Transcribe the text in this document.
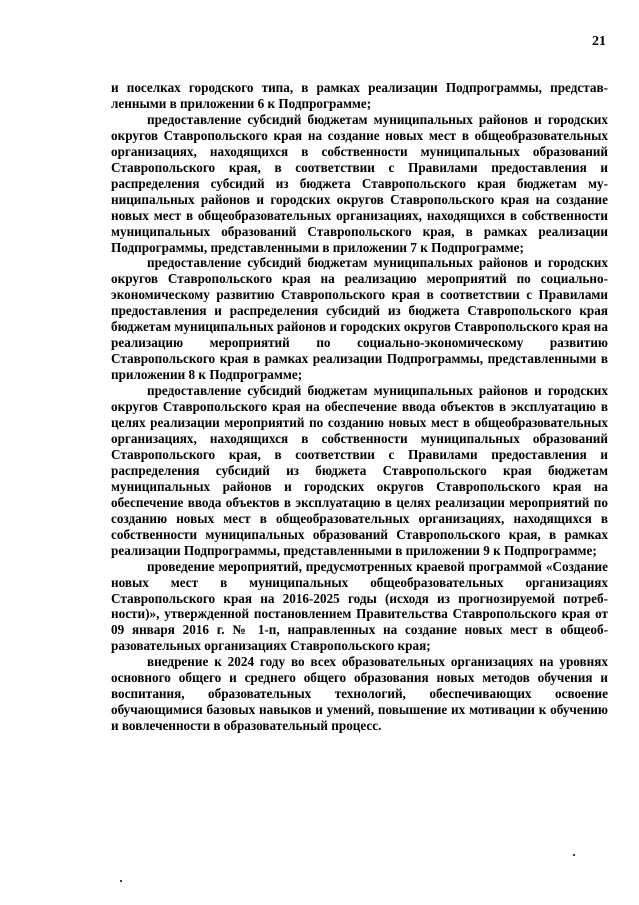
21

и поселках городского типа, в рамках реализации Подпрограммы, представленными в приложении 6 к Подпрограмме;

предоставление субсидий бюджетам муниципальных районов и городских округов Ставропольского края на создание новых мест в общеобразовательных организациях, находящихся в собственности муниципальных образований Ставропольского края, в соответствии с Правилами предоставления и распределения субсидий из бюджета Ставропольского края бюджетам муниципальных районов и городских округов Ставропольского края на создание новых мест в общеобразовательных организациях, находящихся в собственности муниципальных образований Ставропольского края, в рамках реализации Подпрограммы, представленными в приложении 7 к Подпрограмме;

предоставление субсидий бюджетам муниципальных районов и городских округов Ставропольского края на реализацию мероприятий по социально-экономическому развитию Ставропольского края в соответствии с Правилами предоставления и распределения субсидий из бюджета Ставропольского края бюджетам муниципальных районов и городских округов Ставропольского края на реализацию мероприятий по социально-экономическому развитию Ставропольского края в рамках реализации Подпрограммы, представленными в приложении 8 к Подпрограмме;

предоставление субсидий бюджетам муниципальных районов и городских округов Ставропольского края на обеспечение ввода объектов в эксплуатацию в целях реализации мероприятий по созданию новых мест в общеобразовательных организациях, находящихся в собственности муниципальных образований Ставропольского края, в соответствии с Правилами предоставления и распределения субсидий из бюджета Ставропольского края бюджетам муниципальных районов и городских округов Ставропольского края на обеспечение ввода объектов в эксплуатацию в целях реализации мероприятий по созданию новых мест в общеобразовательных организациях, находящихся в собственности муниципальных образований Ставропольского края, в рамках реализации Подпрограммы, представленными в приложении 9 к Подпрограмме;

проведение мероприятий, предусмотренных краевой программой «Создание новых мест в муниципальных общеобразовательных организациях Ставропольского края на 2016-2025 годы (исходя из прогнозируемой потребности)», утвержденной постановлением Правительства Ставропольского края от 09 января 2016 г. № 1-п, направленных на создание новых мест в общеобразовательных организациях Ставропольского края;

внедрение к 2024 году во всех образовательных организациях на уровнях основного общего и среднего общего образования новых методов обучения и воспитания, образовательных технологий, обеспечивающих освоение обучающимися базовых навыков и умений, повышение их мотивации к обучению и вовлеченности в образовательный процесс.
